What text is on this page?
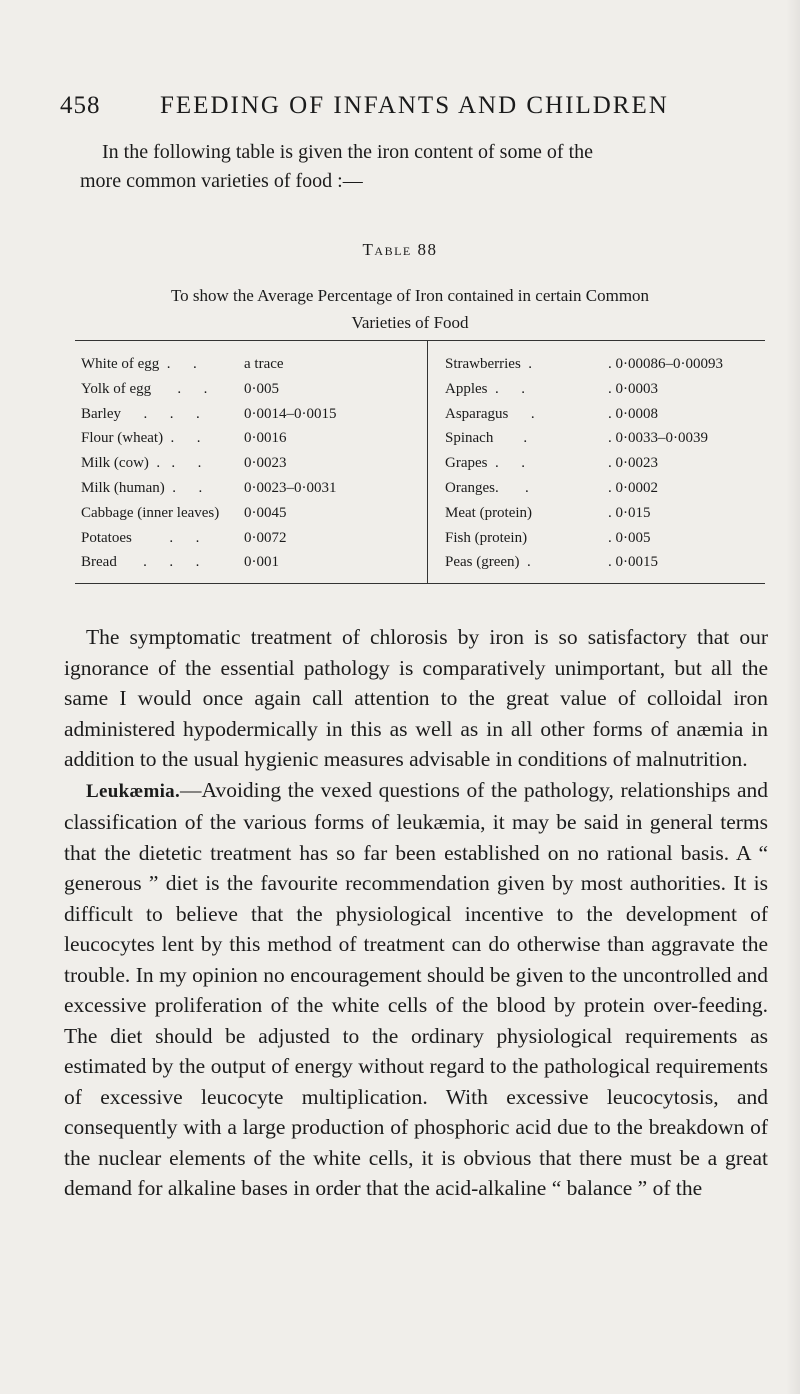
458 FEEDING OF INFANTS AND CHILDREN
In the following table is given the iron content of some of the
more common varieties of food :—
Table 88
To show the Average Percentage of Iron contained in certain Common
Varieties of Food
White of egg  .      .	a trace
Yolk of egg       .      . 0·005
Barley      .      .      .	0·0014–0·0015
Flour (wheat)  .      .	0·0016
Milk (cow)  .   .      .	0·0023
Milk (human)  .      .	0·0023–0·0031
Cabbage (inner leaves) 0·0045
Potatoes          .      .	0·0072
Bread       .      .      .	0·001
Strawberries  .	. 0·00086–0·00093
Apples  .      .	. 0·0003
Asparagus      .	. 0·0008
Spinach        .	. 0·0033–0·0039
Grapes  .      .	. 0·0023
Oranges.       .	. 0·0002
Meat (protein)	. 0·015
Fish (protein)	. 0·005
Peas (green)  .	. 0·0015

The symptomatic treatment of chlorosis by iron is so satisfactory that our ignorance of the essential pathology is comparatively unimportant, but all the same I would once again call attention to the great value of colloidal iron administered hypodermically in this as well as in all other forms of anæmia in addition to the usual hygienic measures advisable in conditions of malnutrition.

Leukæmia.—Avoiding the vexed questions of the pathology, relationships and classification of the various forms of leukæmia, it may be said in general terms that the dietetic treatment has so far been established on no rational basis. A “ generous ” diet is the favourite recommendation given by most authorities. It is difficult to believe that the physiological incentive to the development of leucocytes lent by this method of treatment can do otherwise than aggravate the trouble. In my opinion no encouragement should be given to the uncontrolled and excessive proliferation of the white cells of the blood by protein over-feeding. The diet should be adjusted to the ordinary physiological requirements as estimated by the output of energy without regard to the pathological requirements of excessive leucocyte multiplication. With excessive leucocytosis, and consequently with a large production of phosphoric acid due to the breakdown of the nuclear elements of the white cells, it is obvious that there must be a great demand for alkaline bases in order that the acid-alkaline “ balance ” of the
